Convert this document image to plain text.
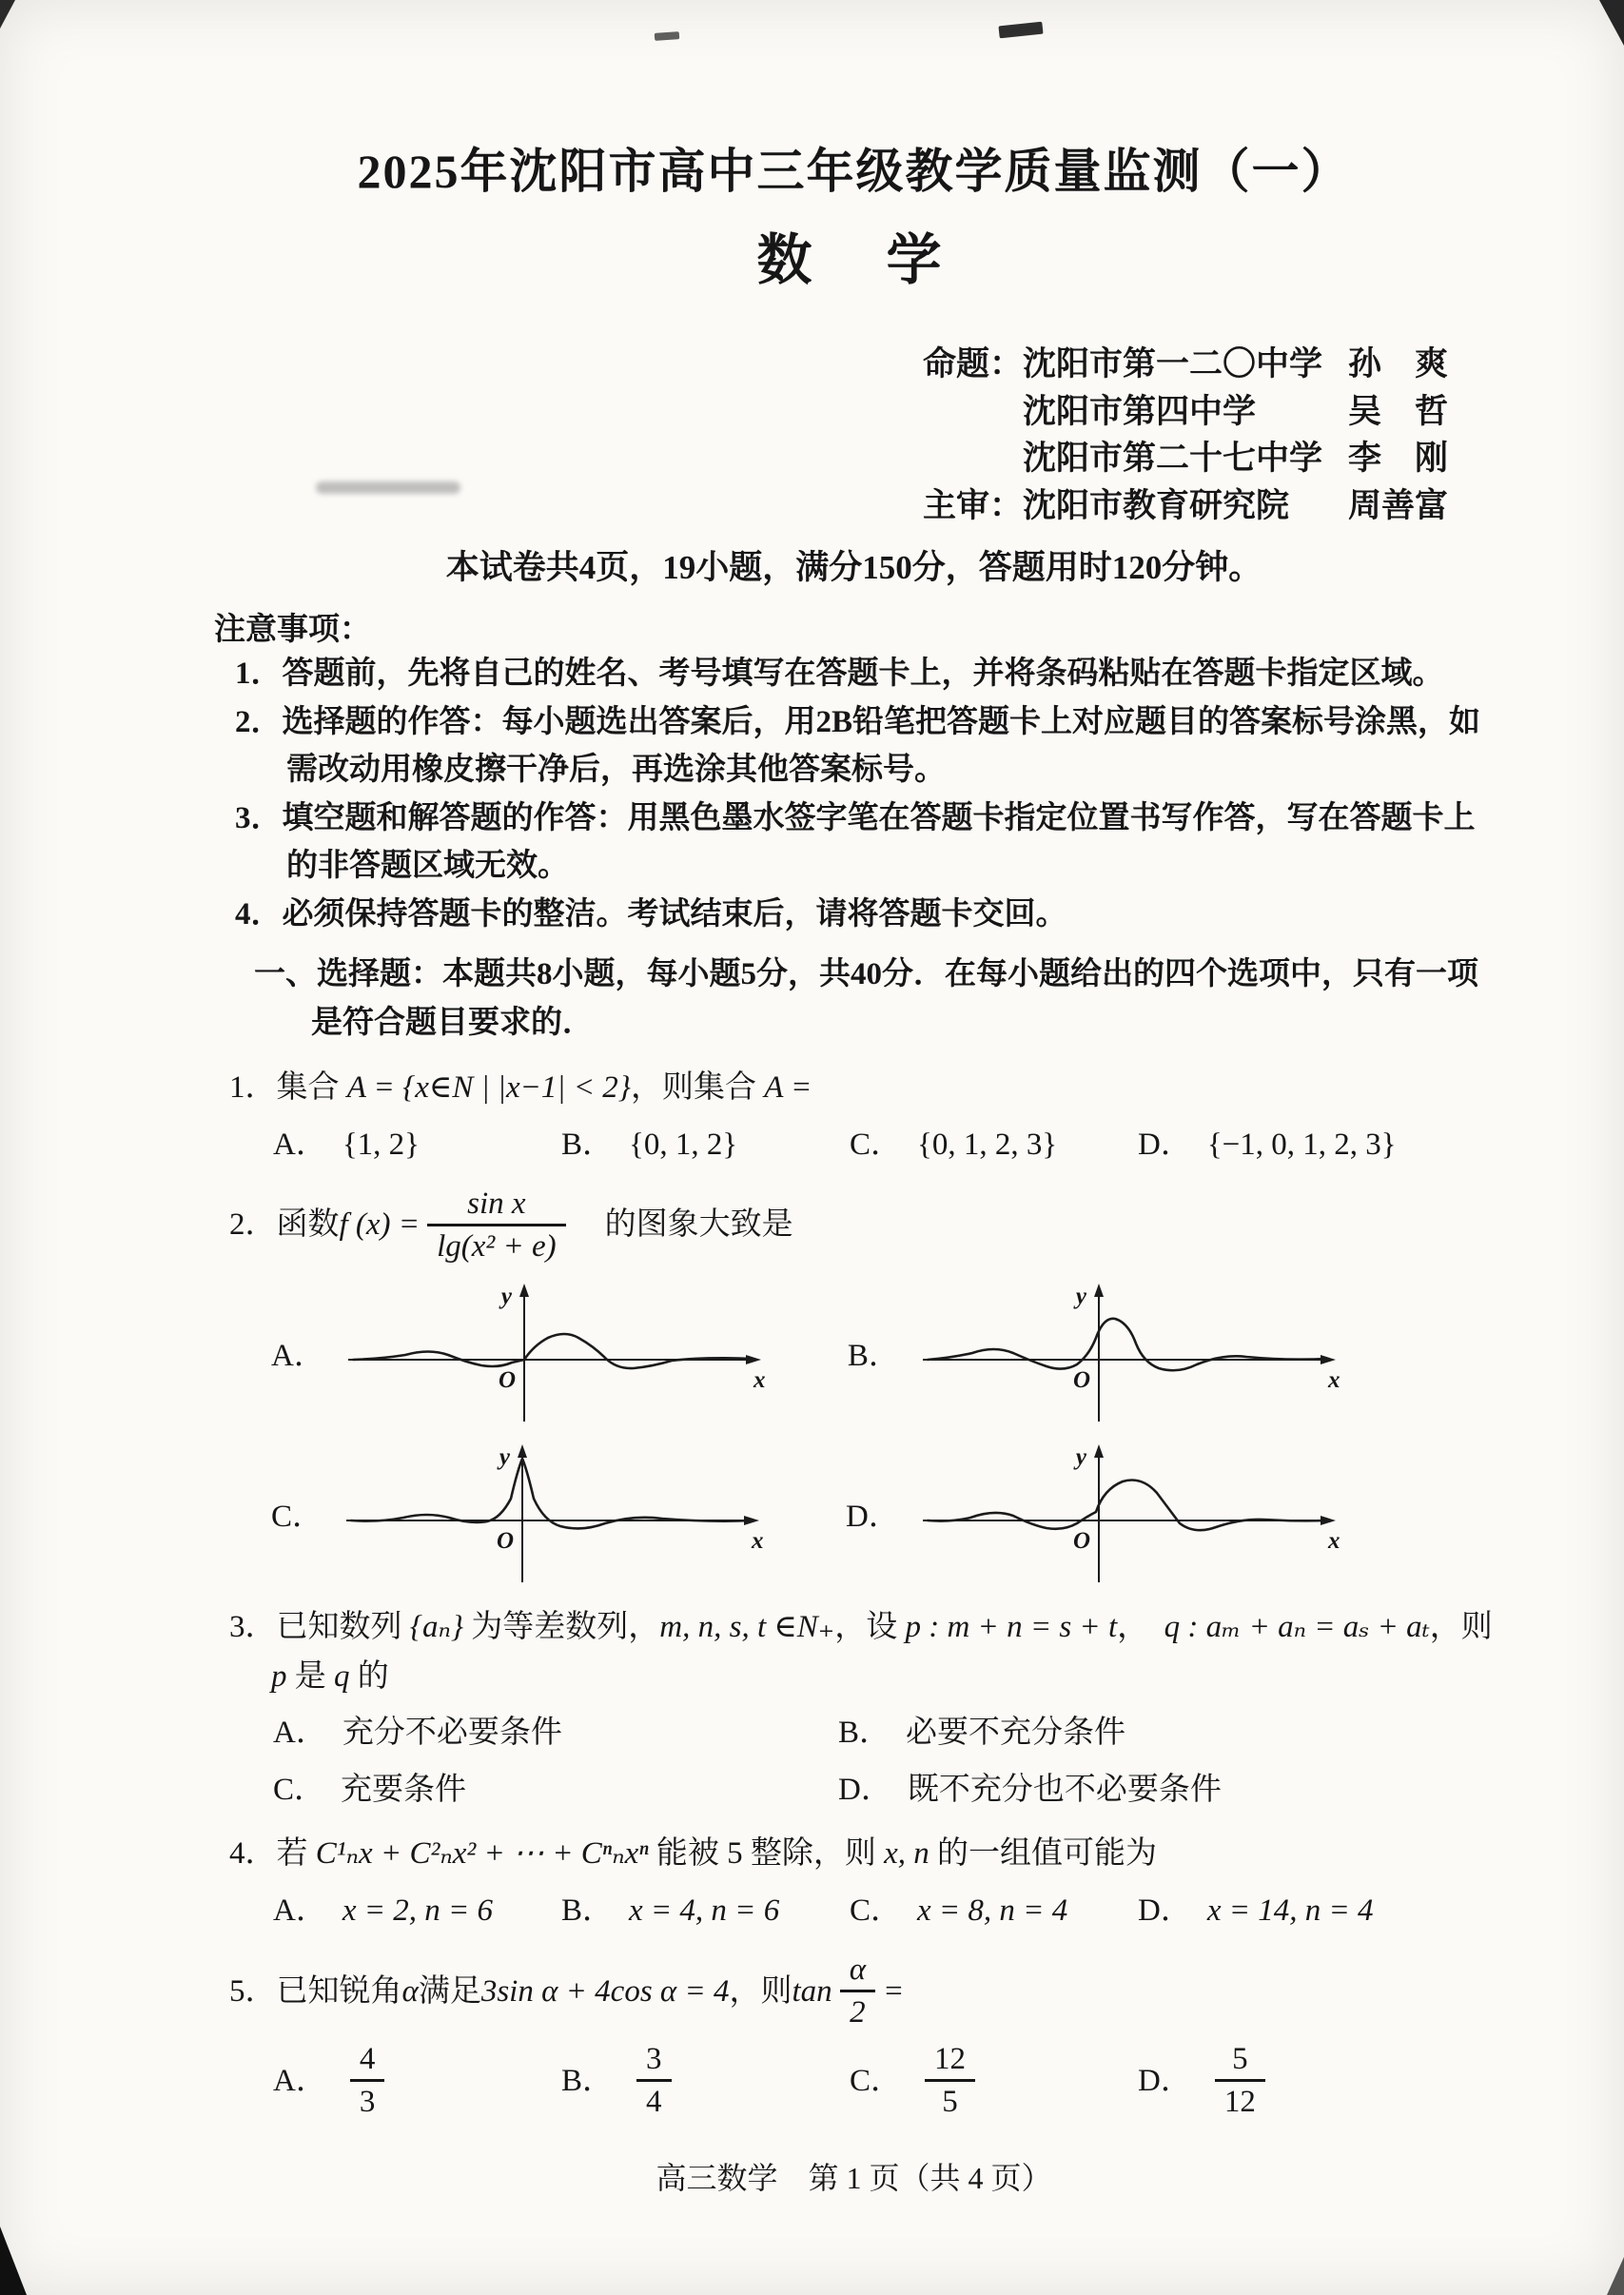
2025年沈阳市高中三年级教学质量监测（一）
数　学
命题：沈阳市第一二〇中学 孙　爽
　　　沈阳市第四中学	吴　哲
　　　沈阳市第二十七中学 李　刚
主审：沈阳市教育研究院 周善富
本试卷共4页，19小题，满分150分，答题用时120分钟。
注意事项：
1．答题前，先将自己的姓名、考号填写在答题卡上，并将条码粘贴在答题卡指定区域。
2．选择题的作答：每小题选出答案后，用2B铅笔把答题卡上对应题目的答案标号涂黑，如需改动用橡皮擦干净后，再选涂其他答案标号。
3．填空题和解答题的作答：用黑色墨水签字笔在答题卡指定位置书写作答，写在答题卡上的非答题区域无效。
4．必须保持答题卡的整洁。考试结束后，请将答题卡交回。
一、选择题：本题共8小题，每小题5分，共40分．在每小题给出的四个选项中，只有一项是符合题目要求的．
1．集合 A = {x∈N | |x−1| < 2}，则集合 A =
A． {1, 2}	B． {0, 1, 2}	C． {0, 1, 2, 3}	D． {−1, 0, 1, 2, 3}
2．函数 f $(x) = \frac{\text{sin x}}{\text{lg(x² + e)}}$ 　的图象大致是
A．
y
x
O
B．
y
x
O
C．
y
x
O
D．
y
x
O
3．已知数列 {aₙ} 为等差数列，m, n, s, t ∈N₊，设 p : m + n = s + t，　q : aₘ + aₙ = aₛ + aₜ，则
p 是 q 的
A． 充分不必要条件	B． 必要不充分条件
C． 充要条件	D． 既不充分也不必要条件
4．若 C¹ₙx + C²ₙx² + ⋯ + Cⁿₙxⁿ 能被 5 整除，则 x, n 的一组值可能为
A． x = 2, n = 6 B． x = 4, n = 6 C． x = 8, n = 4 D． x = 14, n = 4
5．已知锐角 α 满足 3sin α + 4cos α = 4 ，则 $\tan \frac{\alpha}{2}$ =
A． $\frac{4}{3}$	B． $\frac{3}{4}$	C． $\frac{12}{5}$	D． $\frac{5}{12}$
高三数学　第 1 页（共 4 页）
